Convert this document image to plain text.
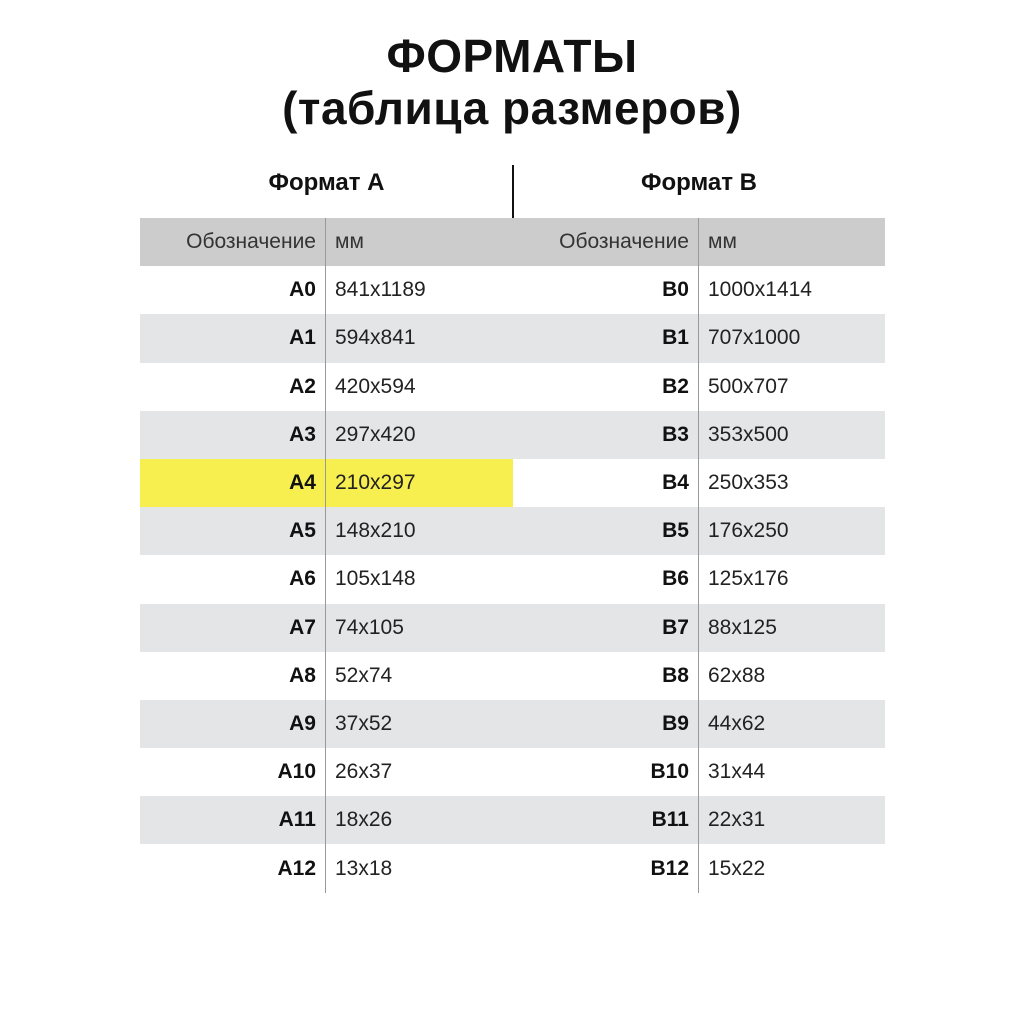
ФОРМАТЫ
(таблица размеров)
Формат А	Формат В
Обозначение мм
A0 841x1189
A1 594x841
A2 420x594
A3 297x420
A4 210x297
A5 148x210
A6 105x148
A7 74x105
A8 52x74
A9 37x52
A10 26x37
A11 18x26
A12 13x18
Обозначение мм
B0 1000x1414
B1 707x1000
B2 500x707
B3 353x500
B4 250x353
B5 176x250
B6 125x176
B7 88x125
B8 62x88
B9 44x62
B10 31x44
B11 22x31
B12 15x22
